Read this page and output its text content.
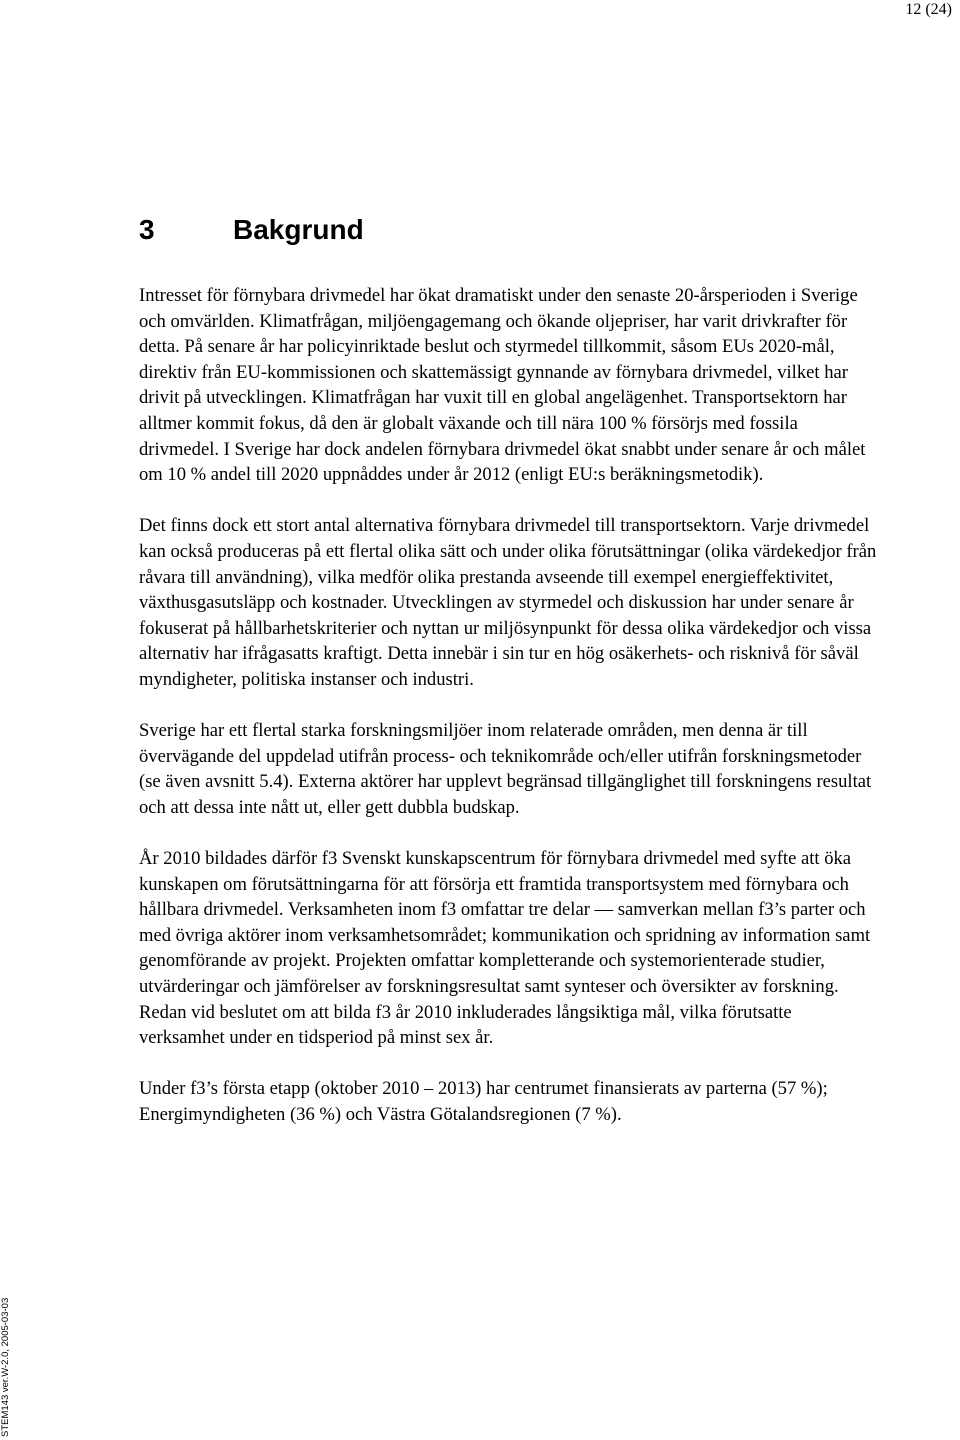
12 (24)
3	Bakgrund

Intresset för förnybara drivmedel har ökat dramatiskt under den senaste 20-årsperioden i Sverige och omvärlden. Klimatfrågan, miljöengagemang och ökande oljepriser, har varit drivkrafter för detta. På senare år har policyinriktade beslut och styrmedel tillkommit, såsom EUs 2020-mål, direktiv från EU-kommissionen och skattemässigt gynnande av förnybara drivmedel, vilket har drivit på utvecklingen. Klimatfrågan har vuxit till en global angelägenhet. Transportsektorn har alltmer kommit fokus, då den är globalt växande och till nära 100 % försörjs med fossila drivmedel. I Sverige har dock andelen förnybara drivmedel ökat snabbt under senare år och målet om 10 % andel till 2020 uppnåddes under år 2012 (enligt EU:s beräkningsmetodik).

Det finns dock ett stort antal alternativa förnybara drivmedel till transportsektorn. Varje drivmedel kan också produceras på ett flertal olika sätt och under olika förutsättningar (olika värdekedjor från råvara till användning), vilka medför olika prestanda avseende till exempel energieffektivitet, växthusgasutsläpp och kostnader. Utvecklingen av styrmedel och diskussion har under senare år fokuserat på hållbarhetskriterier och nyttan ur miljösynpunkt för dessa olika värdekedjor och vissa alternativ har ifrågasatts kraftigt. Detta innebär i sin tur en hög osäkerhets- och risknivå för såväl myndigheter, politiska instanser och industri.

Sverige har ett flertal starka forskningsmiljöer inom relaterade områden, men denna är till övervägande del uppdelad utifrån process- och teknikområde och/eller utifrån forskningsmetoder (se även avsnitt 5.4). Externa aktörer har upplevt begränsad tillgänglighet till forskningens resultat och att dessa inte nått ut, eller gett dubbla budskap.

År 2010 bildades därför f3 Svenskt kunskapscentrum för förnybara drivmedel med syfte att öka kunskapen om förutsättningarna för att försörja ett framtida transportsystem med förnybara och hållbara drivmedel. Verksamheten inom f3 omfattar tre delar — samverkan mellan f3’s parter och med övriga aktörer inom verksamhetsområdet; kommunikation och spridning av information samt genomförande av projekt. Projekten omfattar kompletterande och systemorienterade studier, utvärderingar och jämförelser av forskningsresultat samt synteser och översikter av forskning. Redan vid beslutet om att bilda f3 år 2010 inkluderades långsiktiga mål, vilka förutsatte verksamhet under en tidsperiod på minst sex år.

Under f3’s första etapp (oktober 2010 – 2013) har centrumet finansierats av parterna (57 %); Energimyndigheten (36 %) och Västra Götalandsregionen (7 %).

STEM143 ver.W-2.0, 2005-03-03
